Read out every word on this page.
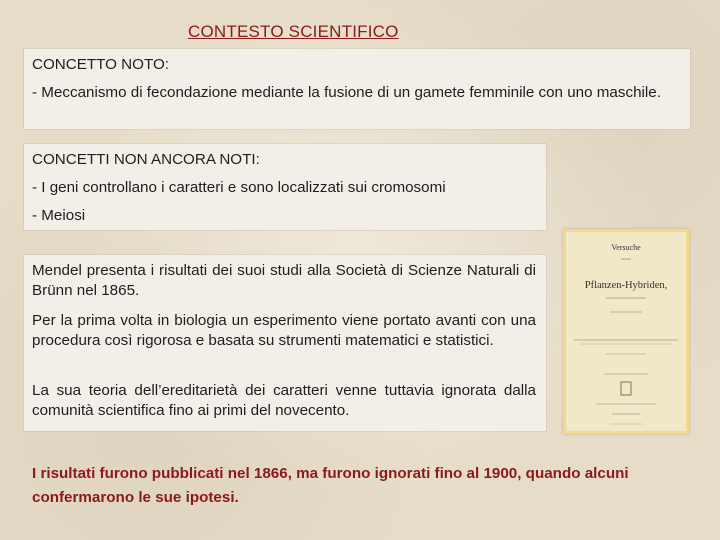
CONTESTO SCIENTIFICO

CONCETTO NOTO:

- Meccanismo di fecondazione mediante la fusione di un gamete femminile con uno maschile.

CONCETTI NON ANCORA NOTI:

- I geni controllano i caratteri e sono localizzati sui cromosomi

- Meiosi

Mendel presenta i risultati dei suoi studi alla Società di Scienze Naturali di Brünn nel 1865.

Per la prima volta in biologia un esperimento viene portato avanti con una procedura così rigorosa e basata su strumenti matematici e statistici.

La sua teoria dell’ereditarietà dei caratteri venne tuttavia ignorata dalla comunità scientifica fino ai primi del novecento.

Versuche
Pflanzen-Hybriden,

I risultati furono pubblicati nel 1866, ma furono ignorati fino al 1900, quando alcuni confermarono le sue ipotesi.
